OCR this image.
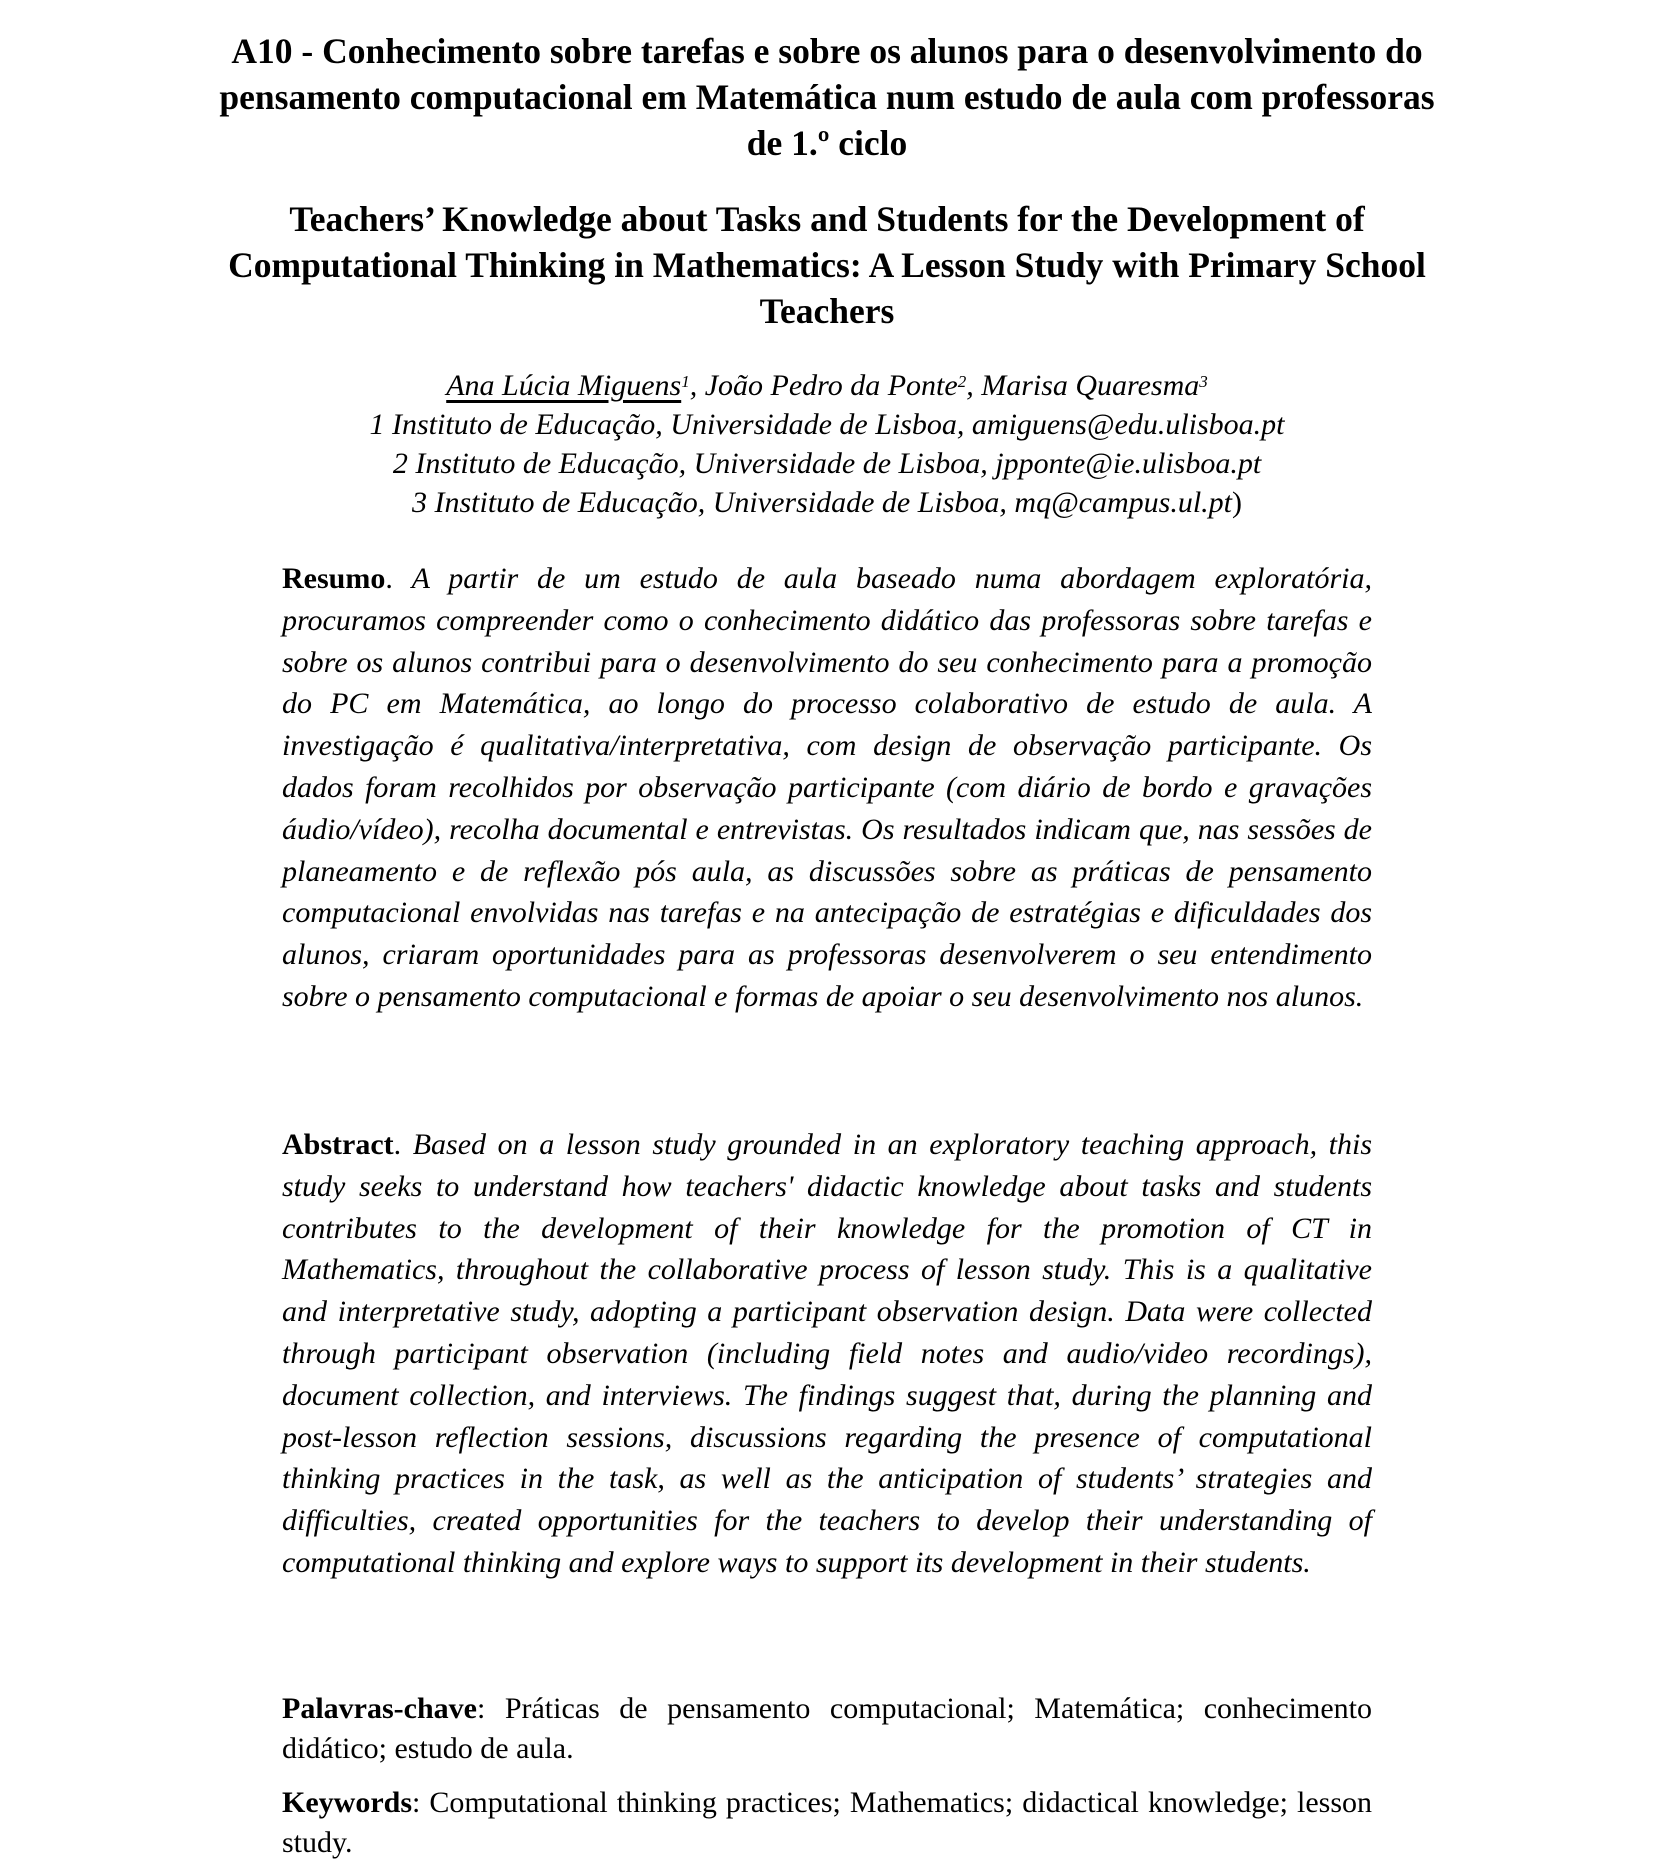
A10 - Conhecimento sobre tarefas e sobre os alunos para o desenvolvimento do pensamento computacional em Matemática num estudo de aula com professoras de 1.º ciclo
Teachers’ Knowledge about Tasks and Students for the Development of Computational Thinking in Mathematics: A Lesson Study with Primary School Teachers
Ana Lúcia Miguens$^1$, João Pedro da Ponte$^2$, Marisa Quaresma$^3$
1 Instituto de Educação, Universidade de Lisboa, amiguens@edu.ulisboa.pt
2 Instituto de Educação, Universidade de Lisboa, jpponte@ie.ulisboa.pt
3 Instituto de Educação, Universidade de Lisboa, mq@campus.ul.pt)
Resumo. A partir de um estudo de aula baseado numa abordagem exploratória, procuramos compreender como o conhecimento didático das professoras sobre tarefas e sobre os alunos contribui para o desenvolvimento do seu conhecimento para a promoção do PC em Matemática, ao longo do processo colaborativo de estudo de aula. A investigação é qualitativa/interpretativa, com design de observação participante. Os dados foram recolhidos por observação participante (com diário de bordo e gravações áudio/vídeo), recolha documental e entrevistas. Os resultados indicam que, nas sessões de planeamento e de reflexão pós aula, as discussões sobre as práticas de pensamento computacional envolvidas nas tarefas e na antecipação de estratégias e dificuldades dos alunos, criaram oportunidades para as professoras desenvolverem o seu entendimento sobre o pensamento computacional e formas de apoiar o seu desenvolvimento nos alunos.
Abstract. Based on a lesson study grounded in an exploratory teaching approach, this study seeks to understand how teachers' didactic knowledge about tasks and students contributes to the development of their knowledge for the promotion of CT in Mathematics, throughout the collaborative process of lesson study. This is a qualitative and interpretative study, adopting a participant observation design. Data were collected through participant observation (including field notes and audio/video recordings), document collection, and interviews. The findings suggest that, during the planning and post-lesson reflection sessions, discussions regarding the presence of computational thinking practices in the task, as well as the anticipation of students’ strategies and difficulties, created opportunities for the teachers to develop their understanding of computational thinking and explore ways to support its development in their students.
Palavras-chave: Práticas de pensamento computacional; Matemática; conhecimento didático; estudo de aula.
Keywords: Computational thinking practices; Mathematics; didactical knowledge; lesson study.
